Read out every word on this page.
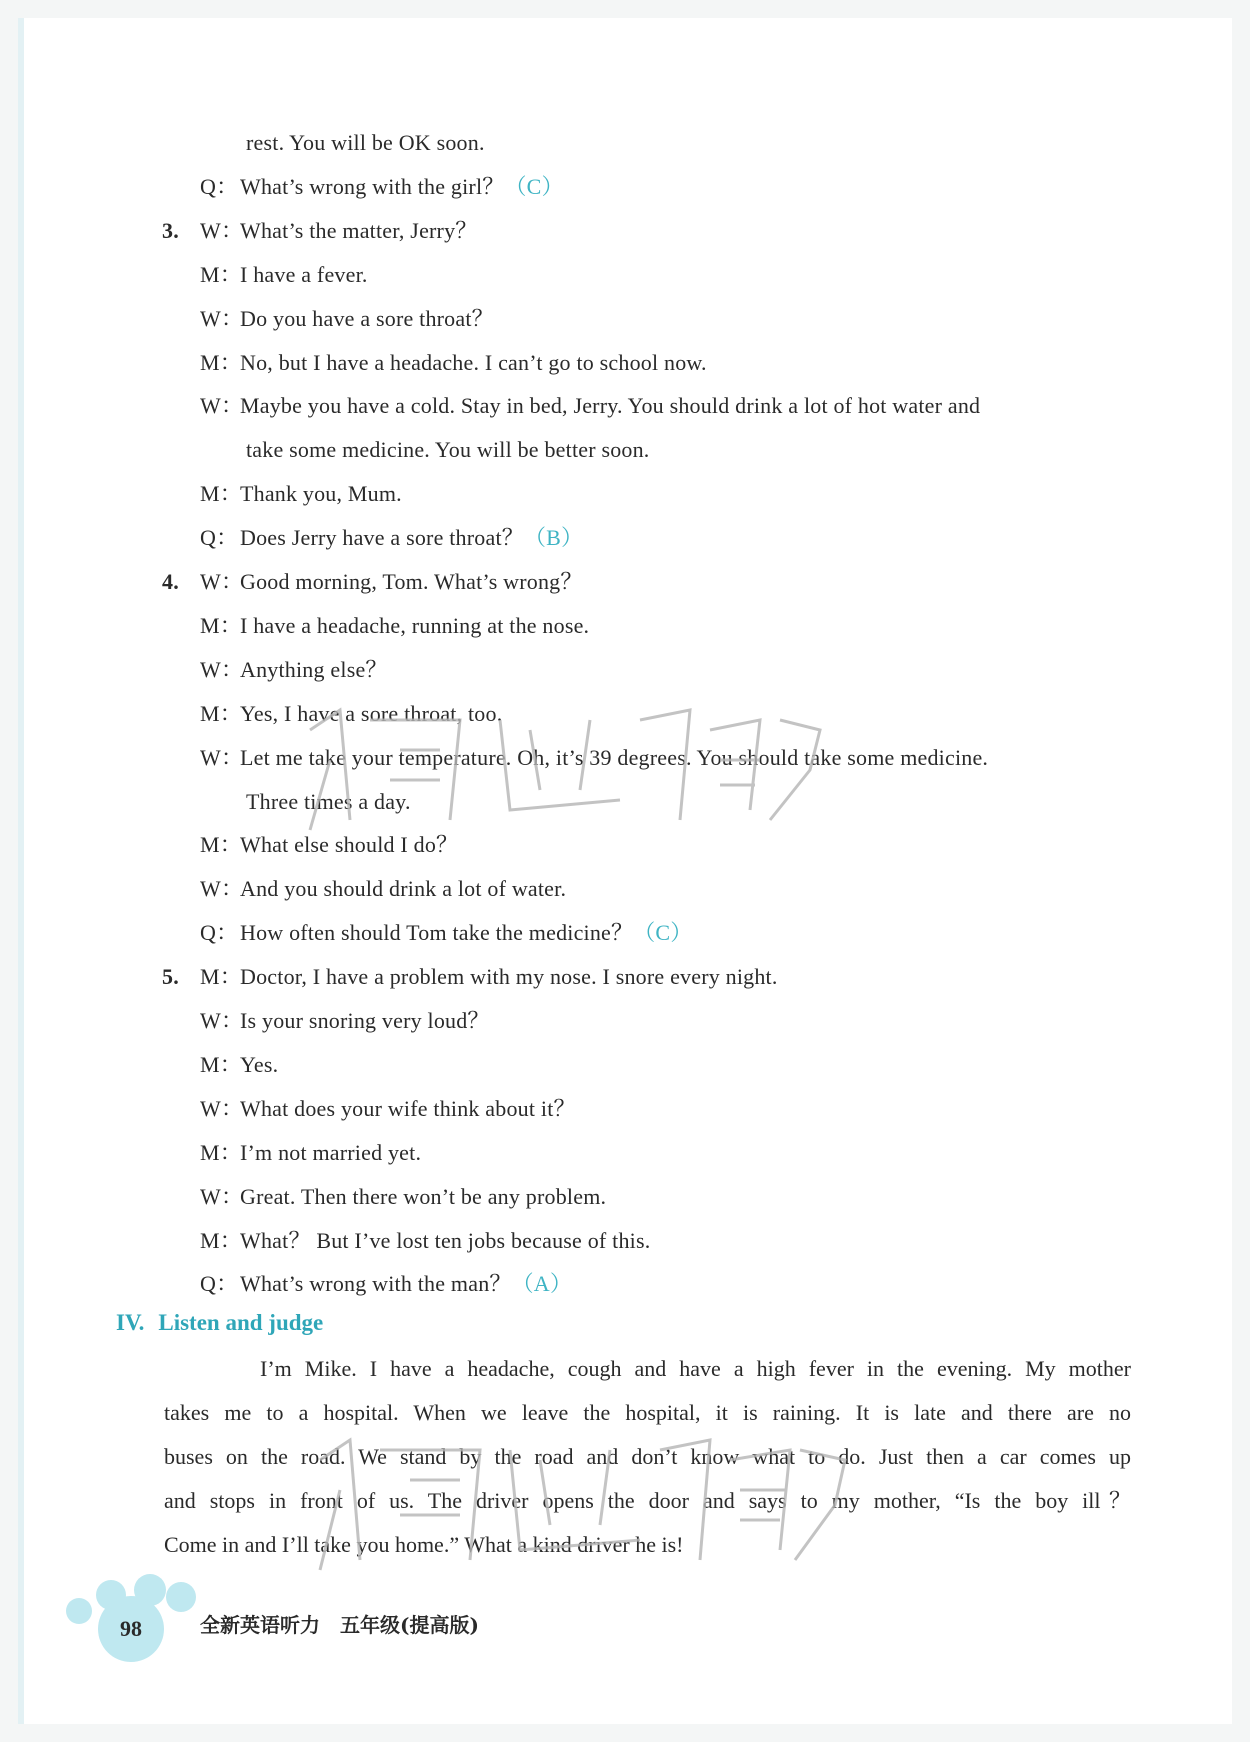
rest. You will be OK soon.
Q：What’s wrong with the girl？（C）
3. W：What’s the matter, Jerry？
M：I have a fever.
W：Do you have a sore throat？
M：No, but I have a headache. I can’t go to school now.
W：Maybe you have a cold. Stay in bed, Jerry. You should drink a lot of hot water and
take some medicine. You will be better soon.
M：Thank you, Mum.
Q：Does Jerry have a sore throat？（B）
4. W：Good morning, Tom. What’s wrong？
M：I have a headache, running at the nose.
W：Anything else？
M：Yes, I have a sore throat, too.
W：Let me take your temperature. Oh, it’s 39 degrees. You should take some medicine.
Three times a day.
M：What else should I do？
W：And you should drink a lot of water.
Q：How often should Tom take the medicine？（C）
5. M：Doctor, I have a problem with my nose. I snore every night.
W：Is your snoring very loud？
M：Yes.
W：What does your wife think about it？
M：I’m not married yet.
W：Great. Then there won’t be any problem.
M：What？ But I’ve lost ten jobs because of this.
Q：What’s wrong with the man？（A）
IV. Listen and judge
I’m Mike. I have a headache, cough and have a high fever in the evening. My mother
takes me to a hospital. When we leave the hospital, it is raining. It is late and there are no
buses on the road. We stand by the road and don’t know what to do. Just then a car comes up
and stops in front of us. The driver opens the door and says to my mother, “Is the boy ill？
Come in and I’ll take you home.” What a kind driver he is!
98	全新英语听力　五年级(提高版)
